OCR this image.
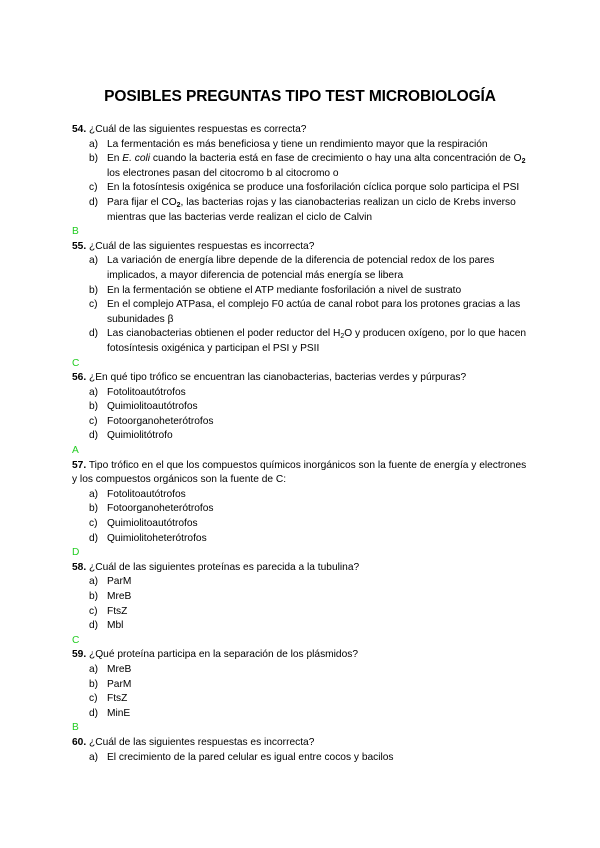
POSIBLES PREGUNTAS TIPO TEST MICROBIOLOGÍA

54. ¿Cuál de las siguientes respuestas es correcta?

a) La fermentación es más beneficiosa y tiene un rendimiento mayor que la respiración
b) En E. coli cuando la bacteria está en fase de crecimiento o hay una alta concentración de $O_2$ los electrones pasan del citocromo b al citocromo o
c) En la fotosíntesis oxigénica se produce una fosforilación cíclica porque solo participa el PSI
d) Para fijar el $CO_2$, las bacterias rojas y las cianobacterias realizan un ciclo de Krebs inverso mientras que las bacterias verde realizan el ciclo de Calvin

B

55. ¿Cuál de las siguientes respuestas es incorrecta?

a) La variación de energía libre depende de la diferencia de potencial redox de los pares implicados, a mayor diferencia de potencial más energía se libera
b) En la fermentación se obtiene el ATP mediante fosforilación a nivel de sustrato
c) En el complejo ATPasa, el complejo F0 actúa de canal robot para los protones gracias a las subunidades β
d) Las cianobacterias obtienen el poder reductor del $H_2O$ y producen oxígeno, por lo que hacen fotosíntesis oxigénica y participan el PSI y PSII

C

56. ¿En qué tipo trófico se encuentran las cianobacterias, bacterias verdes y púrpuras?

a) Fotolitoautótrofos
b) Quimiolitoautótrofos
c) Fotoorganoheterótrofos
d) Quimiolitótrofo

A

57. Tipo trófico en el que los compuestos químicos inorgánicos son la fuente de energía y electrones y los compuestos orgánicos son la fuente de C:

a) Fotolitoautótrofos
b) Fotoorganoheterótrofos
c) Quimiolitoautótrofos
d) Quimiolitoheterótrofos

D

58. ¿Cuál de las siguientes proteínas es parecida a la tubulina?

a) ParM
b) MreB
c) FtsZ
d) Mbl

C

59. ¿Qué proteína participa en la separación de los plásmidos?

a) MreB
b) ParM
c) FtsZ
d) MinE

B

60. ¿Cuál de las siguientes respuestas es incorrecta?

a) El crecimiento de la pared celular es igual entre cocos y bacilos
